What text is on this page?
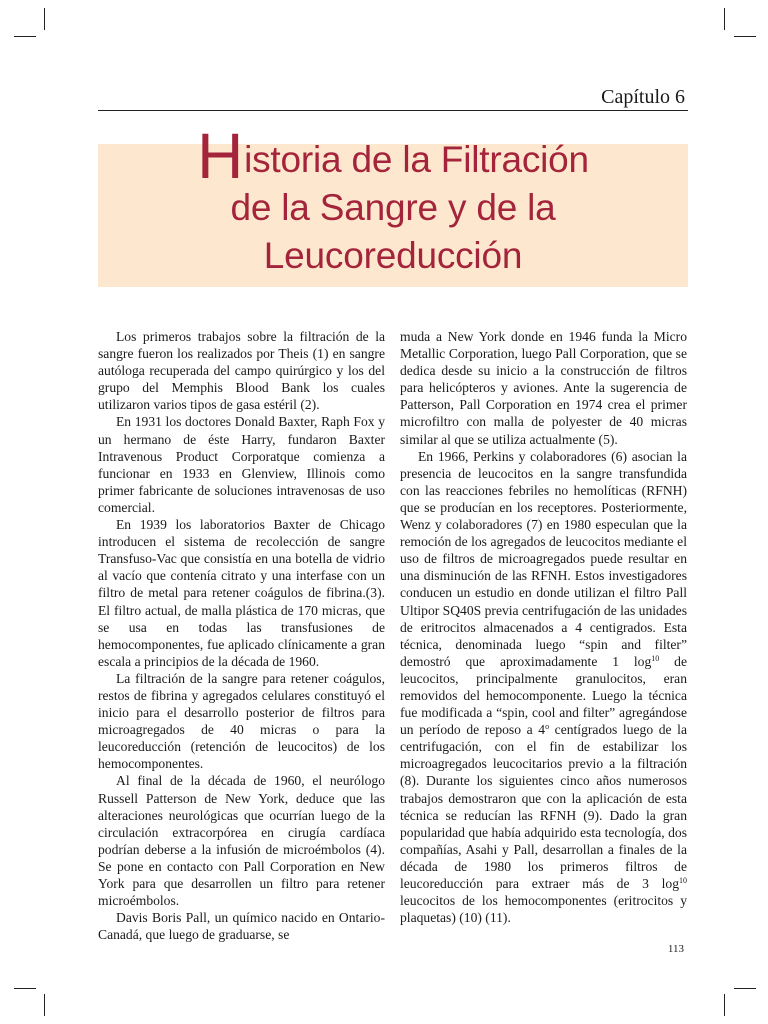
Capítulo 6
Historia de la Filtración
de la Sangre y de la
Leucoreducción

Los primeros trabajos sobre la filtración de la sangre fueron los realizados por Theis (1) en sangre autóloga recuperada del campo quirúrgico y los del grupo del Memphis Blood Bank los cuales utilizaron varios tipos de gasa estéril (2).

En 1931 los doctores Donald Baxter, Raph Fox y un hermano de éste Harry, fundaron Baxter Intravenous Product Corporatque comienza a funcionar en 1933 en Glenview, Illinois como primer fabricante de soluciones intravenosas de uso comercial.

En 1939 los laboratorios Baxter de Chicago introducen el sistema de recolección de sangre Transfuso-Vac que consistía en una botella de vidrio al vacío que contenía citrato y una interfase con un filtro de metal para retener coágulos de fibrina.(3). El filtro actual, de malla plástica de 170 micras, que se usa en todas las transfusiones de hemocomponentes, fue aplicado clínicamente a gran escala a principios de la década de 1960.

La filtración de la sangre para retener coágulos, restos de fibrina y agregados celulares constituyó el inicio para el desarrollo posterior de filtros para microagregados de 40 micras o para la leucoreducción (retención de leucocitos) de los hemocomponentes.

Al final de la década de 1960, el neurólogo Russell Patterson de New York, deduce que las alteraciones neurológicas que ocurrían luego de la circulación extracorpórea en cirugía cardíaca podrían deberse a la infusión de microémbolos (4). Se pone en contacto con Pall Corporation en New York para que desarrollen un filtro para retener microémbolos.

Davis Boris Pall, un químico nacido en Ontario-Canadá, que luego de graduarse, se

muda a New York donde en 1946 funda la Micro Metallic Corporation, luego Pall Corporation, que se dedica desde su inicio a la construcción de filtros para helicópteros y aviones. Ante la sugerencia de Patterson, Pall Corporation en 1974 crea el primer microfiltro con malla de polyester de 40 micras similar al que se utiliza actualmente (5).

En 1966, Perkins y colaboradores (6) asocian la presencia de leucocitos en la sangre transfundida con las reacciones febriles no hemolíticas (RFNH) que se producían en los receptores. Posteriormente, Wenz y colaboradores (7) en 1980 especulan que la remoción de los agregados de leucocitos mediante el uso de filtros de microagregados puede resultar en una disminución de las RFNH. Estos investigadores conducen un estudio en donde utilizan el filtro Pall Ultipor SQ40S previa centrifugación de las unidades de eritrocitos almacenados a 4 centigrados. Esta técnica, denominada luego “spin and filter” demostró que aproximadamente 1 $\log^{10}$ de leucocitos, principalmente granulocitos, eran removidos del hemocomponente. Luego la técnica fue modificada a “spin, cool and filter” agregándose un período de reposo a 4$^o$ centígrados luego de la centrifugación, con el fin de estabilizar los microagregados leucocitarios previo a la filtración (8). Durante los siguientes cinco años numerosos trabajos demostraron que con la aplicación de esta técnica se reducían las RFNH (9). Dado la gran popularidad que había adquirido esta tecnología, dos compañías, Asahi y Pall, desarrollan a finales de la década de 1980 los primeros filtros de leucoreducción para extraer más de 3 $\log^{10}$ leucocitos de los hemocomponentes (eritrocitos y plaquetas) (10) (11).

113
